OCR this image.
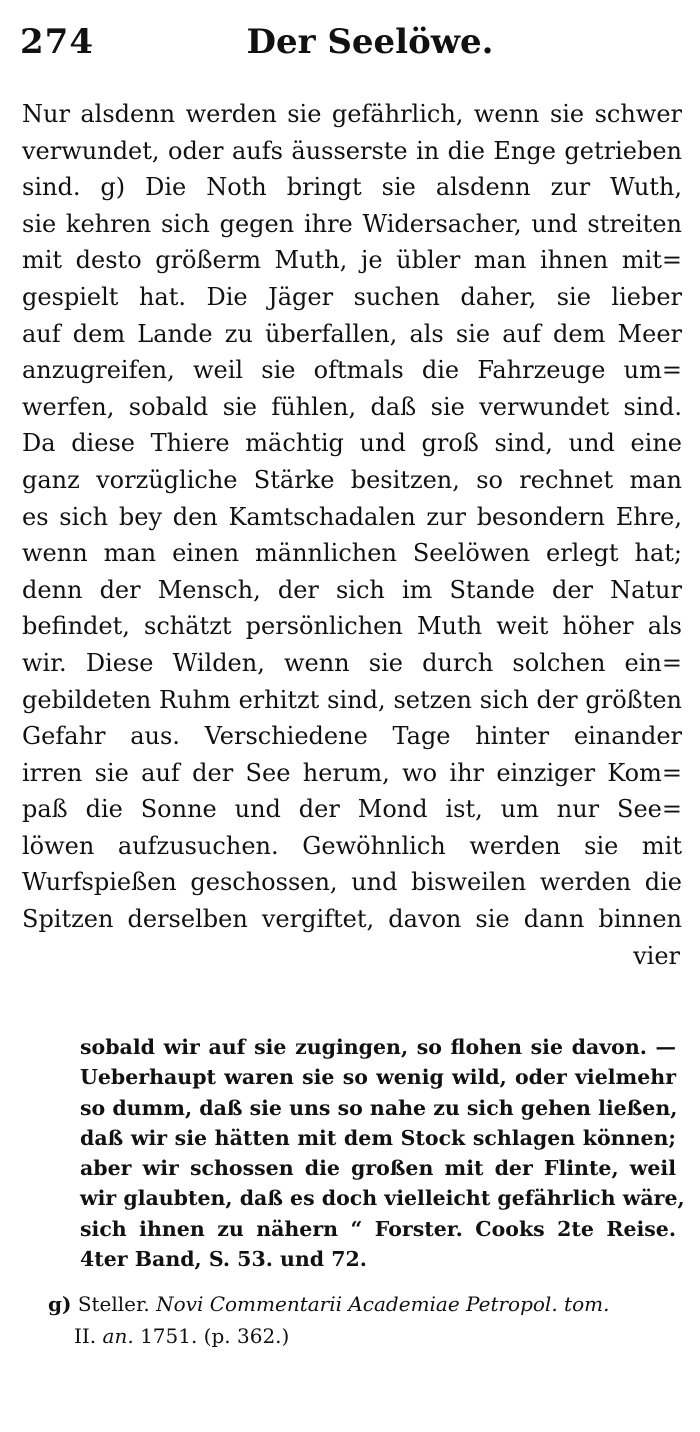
274	Der Seelöwe.
Nur alsdenn werden sie gefährlich, wenn sie schwer
verwundet, oder aufs äusserste in die Enge getrieben
sind. g) Die Noth bringt sie alsdenn zur Wuth,
sie kehren sich gegen ihre Widersacher, und streiten
mit desto größerm Muth, je übler man ihnen mit=
gespielt hat. Die Jäger suchen daher, sie lieber
auf dem Lande zu überfallen, als sie auf dem Meer
anzugreifen, weil sie oftmals die Fahrzeuge um=
werfen, sobald sie fühlen, daß sie verwundet sind.
Da diese Thiere mächtig und groß sind, und eine
ganz vorzügliche Stärke besitzen, so rechnet man
es sich bey den Kamtschadalen zur besondern Ehre,
wenn man einen männlichen Seelöwen erlegt hat;
denn der Mensch, der sich im Stande der Natur
befindet, schätzt persönlichen Muth weit höher als
wir. Diese Wilden, wenn sie durch solchen ein=
gebildeten Ruhm erhitzt sind, setzen sich der größten
Gefahr aus. Verschiedene Tage hinter einander
irren sie auf der See herum, wo ihr einziger Kom=
paß die Sonne und der Mond ist, um nur See=
löwen aufzusuchen. Gewöhnlich werden sie mit
Wurfspießen geschossen, und bisweilen werden die
Spitzen derselben vergiftet, davon sie dann binnen
vier
sobald wir auf sie zugingen, so flohen sie davon. —
Ueberhaupt waren sie so wenig wild, oder vielmehr
so dumm, daß sie uns so nahe zu sich gehen ließen,
daß wir sie hätten mit dem Stock schlagen können;
aber wir schossen die großen mit der Flinte, weil
wir glaubten, daß es doch vielleicht gefährlich wäre,
sich ihnen zu nähern “ Forster. Cooks 2te Reise.
4ter Band, S. 53. und 72.
g) Steller. Novi Commentarii Academiae Petropol. tom.
II. an. 1751. (p. 362.)
